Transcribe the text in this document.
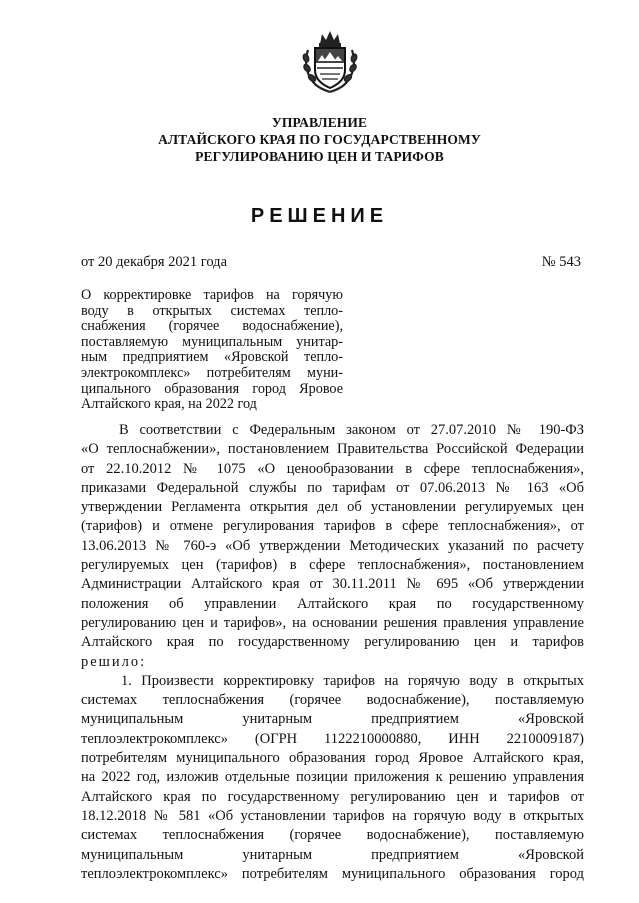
УПРАВЛЕНИЕ
АЛТАЙСКОГО КРАЯ ПО ГОСУДАРСТВЕННОМУ
РЕГУЛИРОВАНИЮ ЦЕН И ТАРИФОВ
РЕШЕНИЕ
от 20 декабря 2021 года	№ 543
О корректировке тарифов на горячую
воду в открытых системах тепло-
снабжения (горячее водоснабжение),
поставляемую муниципальным унитар-
ным предприятием «Яровской тепло-
электрокомплекс» потребителям муни-
ципального образования город Яровое
Алтайского края, на 2022 год
В соответствии с Федеральным законом от 27.07.2010 № 190-ФЗ
«О теплоснабжении», постановлением Правительства Российской Федерации
от 22.10.2012 № 1075 «О ценообразовании в сфере теплоснабжения»,
приказами Федеральной службы по тарифам от 07.06.2013 № 163 «Об
утверждении Регламента открытия дел об установлении регулируемых цен
(тарифов) и отмене регулирования тарифов в сфере теплоснабжения», от
13.06.2013 № 760-э «Об утверждении Методических указаний по расчету
регулируемых цен (тарифов) в сфере теплоснабжения», постановлением
Администрации Алтайского края от 30.11.2011 № 695 «Об утверждении
положения об управлении Алтайского края по государственному
регулированию цен и тарифов», на основании решения правления управление
Алтайского края по государственному регулированию цен и тарифов
решило:
1. Произвести корректировку тарифов на горячую воду в открытых
системах теплоснабжения (горячее водоснабжение), поставляемую
муниципальным унитарным предприятием «Яровской
теплоэлектрокомплекс» (ОГРН 1122210000880, ИНН 2210009187)
потребителям муниципального образования город Яровое Алтайского края,
на 2022 год, изложив отдельные позиции приложения к решению управления
Алтайского края по государственному регулированию цен и тарифов от
18.12.2018 № 581 «Об установлении тарифов на горячую воду в открытых
системах теплоснабжения (горячее водоснабжение), поставляемую
муниципальным унитарным предприятием «Яровской
теплоэлектрокомплекс» потребителям муниципального образования город
